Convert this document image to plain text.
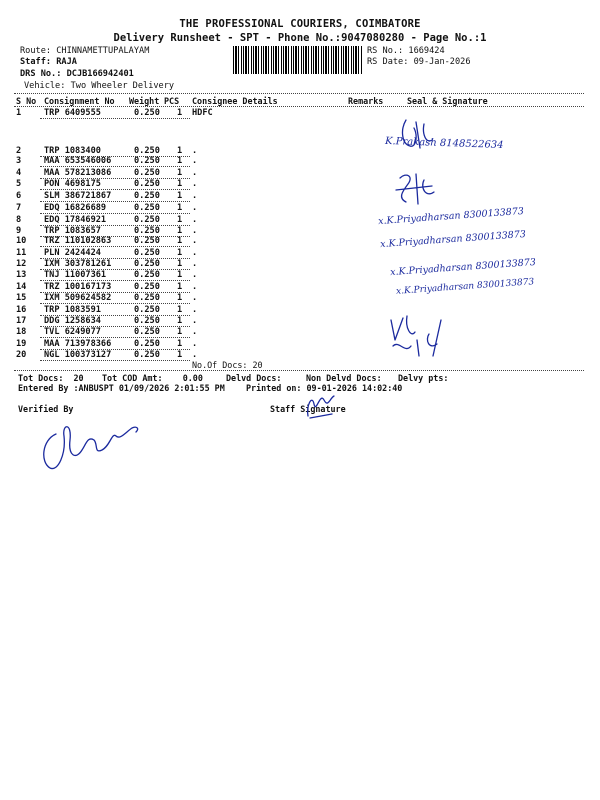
THE PROFESSIONAL COURIERS, COIMBATORE
Delivery Runsheet - SPT - Phone No.:9047080280 - Page No.:1
Route: CHINNAMETTUPALAYAM
Staff: RAJA
DRS No.: DCJB166942401
Vehicle: Two Wheeler Delivery
RS No.: 1669424
RS Date: 09-Jan-2026
S No Consignment No Weight PCS Consignee Details	Remarks	Seal & Signature
1	TRP 6409555	0.250 1 HDFC
2	TRP 1083400	0.250 1 .
3	MAA 653546006	0.250 1 .
4	MAA 578213086	0.250 1 .
5	PON 4698175	0.250 1 .
6	SLM 386721867	0.250 1 .
7	EDQ 16826689	0.250 1 .
8	EDQ 17846921	0.250 1 .
9	TRP 1083657	0.250 1 .
10 TRZ 110102863	0.250 1 .
11 PLN 2424424	0.250 1 .
12 IXM 303781261	0.250 1 .
13 TNJ 11007361	0.250 1 .
14 TRZ 100167173	0.250 1 .
15 IXM 509624582	0.250 1 .
16 TRP 1083591	0.250 1 .
17 DDG 1258634	0.250 1 .
18 TVL 6249077	0.250 1 .
19 MAA 713978366	0.250 1 .
20 NGL 100373127	0.250 1 .
No.Of Docs: 20
Tot Docs: 20 Tot COD Amt: 0.00	Delvd Docs:	Non Delvd Docs: Delvy pts:
Entered By :ANBUSPT 01/09/2026 2:01:55 PM	Printed on: 09-01-2026 14:02:40
Verified By	Staff Signature
K.Prakash 8148522634
x.K.Priyadharsan 8300133873
x.K.Priyadharsan 8300133873
x.K.Priyadharsan 8300133873
x.K.Priyadharsan 8300133873
